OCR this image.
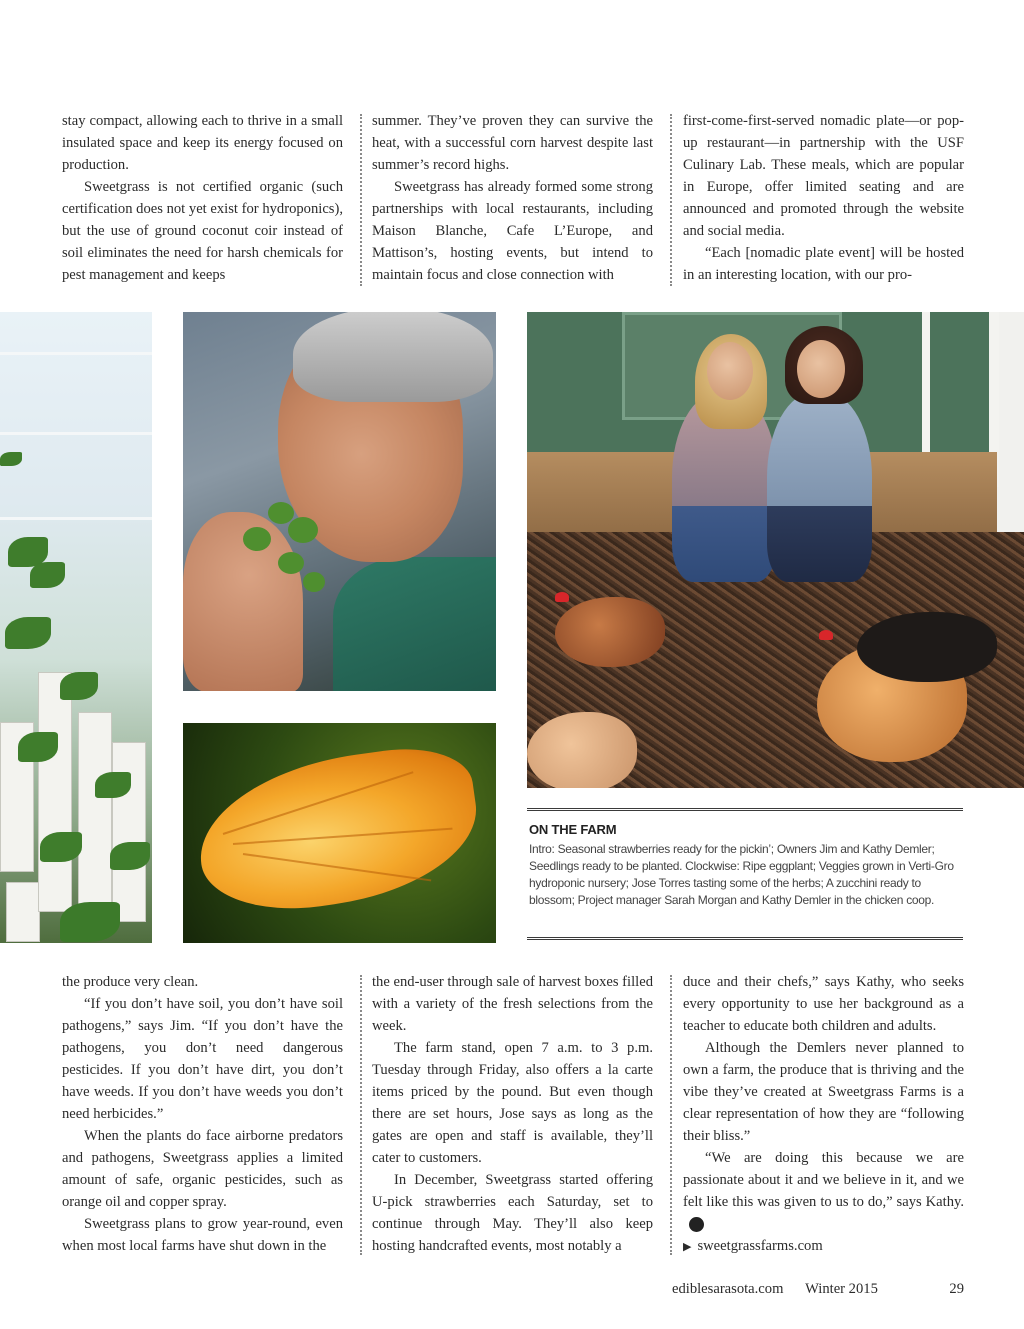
stay compact, allowing each to thrive in a small insulated space and keep its energy focused on production.

Sweetgrass is not certified organic (such certification does not yet exist for hydroponics), but the use of ground coconut coir instead of soil eliminates the need for harsh chemicals for pest management and keeps

summer. They’ve proven they can survive the heat, with a successful corn harvest despite last summer’s record highs.

Sweetgrass has already formed some strong partnerships with local restaurants, including Maison Blanche, Cafe L’Europe, and Mattison’s, hosting events, but intend to maintain focus and close connection with

first-come-first-served nomadic plate—or pop-up restaurant—in partnership with the USF Culinary Lab. These meals, which are popular in Europe, offer limited seating and are announced and promoted through the website and social media.

“Each [nomadic plate event] will be hosted in an interesting location, with our pro-

ON THE FARM
Intro: Seasonal strawberries ready for the pickin’; Owners Jim and Kathy Demler; Seedlings ready to be planted. Clockwise: Ripe eggplant; Veggies grown in Verti-Gro hydroponic nursery; Jose Torres tasting some of the herbs; A zucchini ready to blossom; Project manager Sarah Morgan and Kathy Demler in the chicken coop.

the produce very clean.

“If you don’t have soil, you don’t have soil pathogens,” says Jim. “If you don’t have the pathogens, you don’t need dangerous pesticides. If you don’t have dirt, you don’t have weeds. If you don’t have weeds you don’t need herbicides.”

When the plants do face airborne predators and pathogens, Sweetgrass applies a limited amount of safe, organic pesticides, such as orange oil and copper spray.

Sweetgrass plans to grow year-round, even when most local farms have shut down in the

the end-user through sale of harvest boxes filled with a variety of the fresh selections from the week.

The farm stand, open 7 a.m. to 3 p.m. Tuesday through Friday, also offers a la carte items priced by the pound. But even though there are set hours, Jose says as long as the gates are open and staff is available, they’ll cater to customers.

In December, Sweetgrass started offering U-pick strawberries each Saturday, set to continue through May. They’ll also keep hosting handcrafted events, most notably a

duce and their chefs,” says Kathy, who seeks every opportunity to use her background as a teacher to educate both children and adults.

Although the Demlers never planned to own a farm, the produce that is thriving and the vibe they’ve created at Sweetgrass Farms is a clear representation of how they are “following their bliss.”

“We are doing this because we are passionate about it and we believe in it, and we felt like this was given to us to do,” says Kathy.e

▶ sweetgrassfarms.com

ediblesarasota.com Winter 2015	29
